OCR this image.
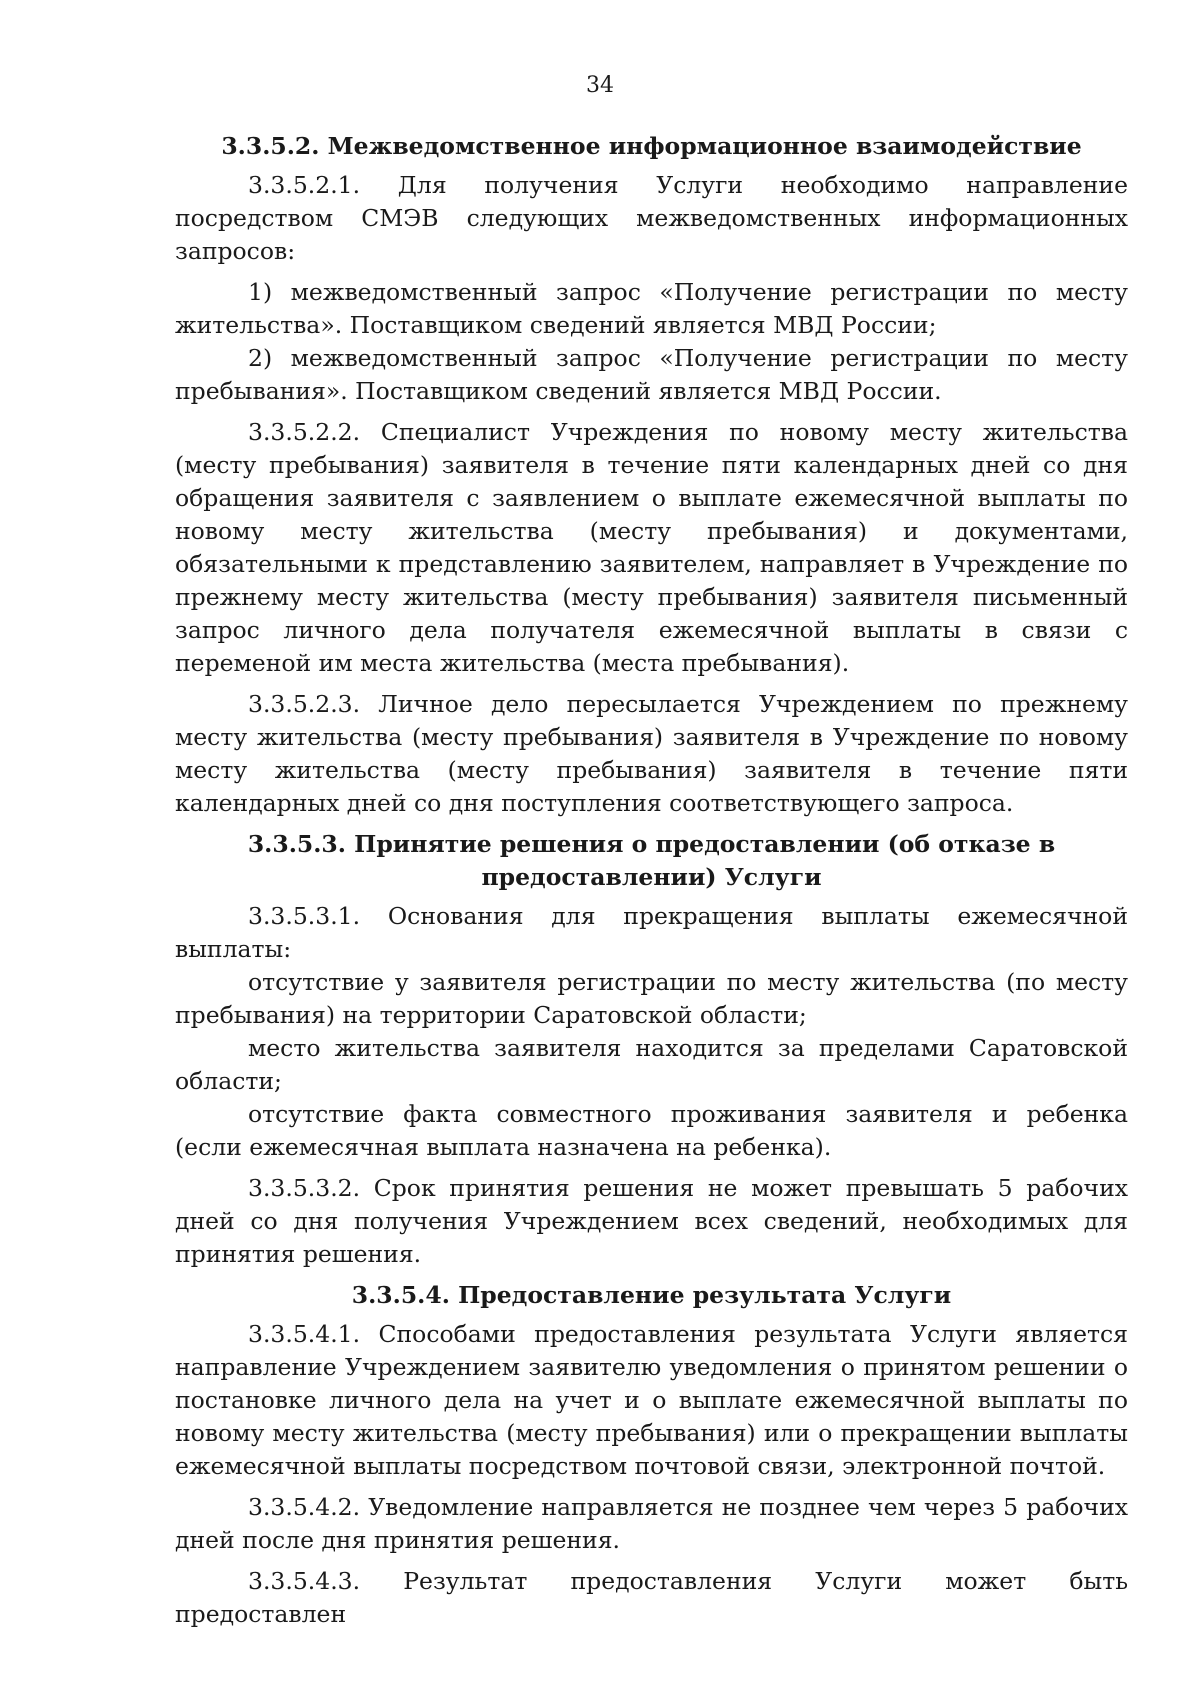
34
3.3.5.2. Межведомственное информационное взаимодействие

3.3.5.2.1. Для получения Услуги необходимо направление посредством СМЭВ следующих межведомственных информационных запросов:

1) межведомственный запрос «Получение регистрации по месту жительства». Поставщиком сведений является МВД России;

2) межведомственный запрос «Получение регистрации по месту пребывания». Поставщиком сведений является МВД России.

3.3.5.2.2. Специалист Учреждения по новому месту жительства (месту пребывания) заявителя в течение пяти календарных дней со дня обращения заявителя с заявлением о выплате ежемесячной выплаты по новому месту жительства (месту пребывания) и документами, обязательными к представлению заявителем, направляет в Учреждение по прежнему месту жительства (месту пребывания) заявителя письменный запрос личного дела получателя ежемесячной выплаты в связи с переменой им места жительства (места пребывания).

3.3.5.2.3. Личное дело пересылается Учреждением по прежнему месту жительства (месту пребывания) заявителя в Учреждение по новому месту жительства (месту пребывания) заявителя в течение пяти календарных дней со дня поступления соответствующего запроса.

3.3.5.3. Принятие решения о предоставлении (об отказе в предоставлении) Услуги

3.3.5.3.1. Основания для прекращения выплаты ежемесячной выплаты:

отсутствие у заявителя регистрации по месту жительства (по месту пребывания) на территории Саратовской области;

место жительства заявителя находится за пределами Саратовской области;

отсутствие факта совместного проживания заявителя и ребенка (если ежемесячная выплата назначена на ребенка).

3.3.5.3.2. Срок принятия решения не может превышать 5 рабочих дней со дня получения Учреждением всех сведений, необходимых для принятия решения.

3.3.5.4. Предоставление результата Услуги

3.3.5.4.1. Способами предоставления результата Услуги является направление Учреждением заявителю уведомления о принятом решении о постановке личного дела на учет и о выплате ежемесячной выплаты по новому месту жительства (месту пребывания) или о прекращении выплаты ежемесячной выплаты посредством почтовой связи, электронной почтой.

3.3.5.4.2. Уведомление направляется не позднее чем через 5 рабочих дней после дня принятия решения.

3.3.5.4.3. Результат предоставления Услуги может быть предоставлен
